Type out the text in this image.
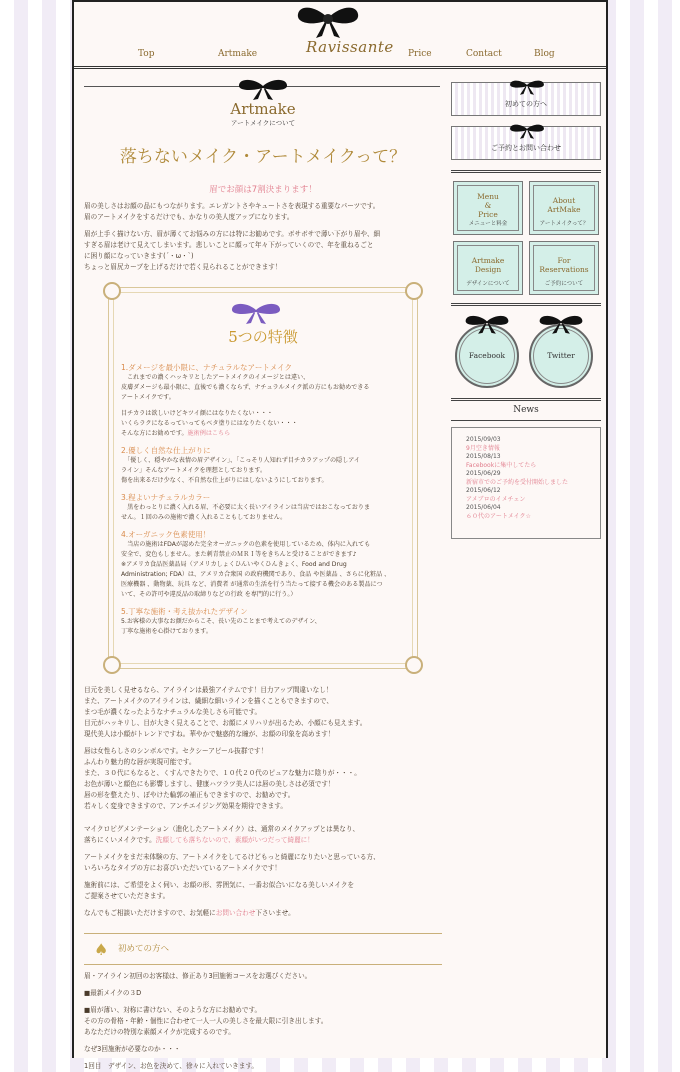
Ravissante
Top	Artmake	Price	Contact	Blog
Artmake
アートメイクについて
落ちないメイク・アートメイクって？
眉でお顔は7割決まります！

眉の美しさはお顔の品にもつながります。エレガントさやキュートさを表現する重要なパーツです。

眉のアートメイクをするだけでも、かなりの美人度アップになります。

眉が上手く描けない方、眉が薄くてお悩みの方には特にお勧めです。ボサボサで薄い下がり眉や、細

すぎる眉は老けて見えてしまいます。悲しいことに顔って年々下がっていくので、年を重ねるごと

に困り顔になっていきます(´・ω・`)

ちょっと眉尻カーブを上げるだけで若く見られることができます！

5つの特徴
1.ダメージを最小限に、ナチュラルなアートメイク
　これまでの濃くハッキリとしたアートメイクのイメージとは違い、
皮膚ダメージも最小限に、直後でも濃くならず、ナチュラルメイク派の方にもお勧めできる
アートメイクです。
目チカラは欲しいけどキツイ顔にはなりたくない・・・
いくらラクになるっていってもベタ塗りにはなりたくない・・・
そんな方にお勧めです。施術例はこちら
2.優しく自然な仕上がりに
　「優しく、穏やかな表情の眉デザイン」、「こっそり人知れず目チカラアップの隠しアイ
ライン」そんなアートメイクを理想としております。
傷を出来るだけ少なく、不自然な仕上がりにはしないようにしております。
3.程よいナチュラルカラー
　黒をわっとりに濃く入れる眉、不必要に太く長いアイラインは当店ではおこなっておりま
せん。１回のみの施術で濃く入れることもしておりません。
4.オーガニック色素使用！
　当店の施術はFDAが認めた完全オーガニックの色素を使用しているため、体内に入れても
安全で、変色もしません。また刺青禁止のＭＲＩ等をきちんと受けることができます♪
※アメリカ食品医薬品局（アメリカしょくひんいやくひんきょく、Food and Drug
Administration; FDA）は、アメリカ合衆国 の政府機関であり、食品 や医薬品 、さらに化粧品 、
医療機器 、動物薬、玩具 など、消費者 が通常の生活を行う当たって接する機会のある製品につ
いて、その許可や違反品の取締りなどの行政 を専門的に行う。）
5.丁寧な施術・考え抜かれたデザイン
5.お客様の大事なお顔だからこそ、長い先のことまで考えてのデザイン、
丁寧な施術を心掛けております。

目元を美しく見せるなら、アイラインは最強アイテムです！目力アップ間違いなし！

また、アートメイクのアイラインは、繊細な細いラインを描くこともできますので、

まつ毛が濃くなったようなナチュラルな美しさも可能です。

目元がハッキリし、目が大きく見えることで、お顔にメリハリが出るため、小顔にも見えます。

現代美人は小顔がトレンドですね。華やかで魅惑的な瞳が、お顔の印象を高めます！

唇は女性らしさのシンボルです。セクシーアピール抜群です！

ふんわり魅力的な唇が実現可能です。

また、３０代にもなると、くすんできたりで、１０代２０代のピュアな魅力に陰りが・・・。

お色が薄いと顔色にも影響しますし、健康ハツラツ美人には唇の美しさは必須です！

唇の形を整えたり、ぼやけた輪郭の補正もできますので、お勧めです。

若々しく変身できますので、アンチエイジング効果を期待できます。

マイクロピグメンテーション（進化したアートメイク）は、通常のメイクアップとは異なり、

落ちにくいメイクです。洗顔しても落ちないので、素顔がいつだって綺麗に！

アートメイクをまだ未体験の方、アートメイクをしてるけどもっと綺麗になりたいと思っている方、

いろいろなタイプの方にお喜びいただいているアートメイクです！

施術前には、ご希望をよく伺い、お顔の形、雰囲気に、一番お似合いになる美しいメイクを

ご提案させていただきます。

なんでもご相談いただけますので、お気軽にお問い合わせ下さいませ。

♠ 初めての方へ

眉・アイライン初回のお客様は、修正あり3回施術コースをお選びください。

■最新メイクの３D

■眉が薄い、対称に書けない、そのような方にお勧めです。

その方の骨格・年齢・個性に合わせて一人一人の美しさを最大限に引き出します。

あなただけの特別な素顔メイクが完成するのです。

なぜ3回施術が必要なのか・・・

1回目　デザイン、お色を決めて、徐々に入れていきます。

初めての方へ
ご予約とお問い合わせ
Menu
&
Price
メニューと料金
About
ArtMake
アートメイクって？
Artmake
Design
デザインについて
For
Reservations
ご予約について
Facebook	Twitter
News
2015/09/03
9月空き情報
2015/08/13
Facebookに集中してたら
2015/06/29
新宿市でのご予約を受付開始しました
2015/06/12
アメブロのイメチェン
2015/06/04
６０代のアートメイク☆
